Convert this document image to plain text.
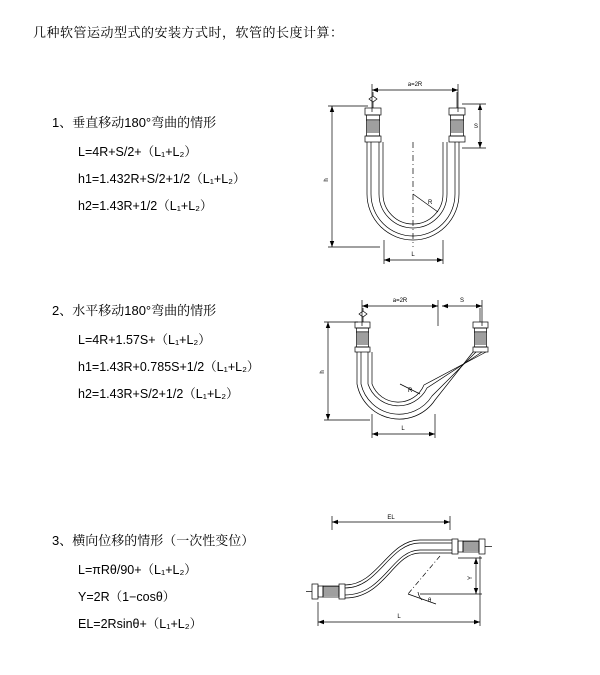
几种软管运动型式的安装方式时，软管的长度计算：
1、垂直移动180°弯曲的情形
L=4R+S/2+（L₁+L₂）
h1=1.432R+S/2+1/2（L₁+L₂）
h2=1.43R+1/2（L₁+L₂）
a=2R
h
S
R
L
2、水平移动180°弯曲的情形
L=4R+1.57S+（L₁+L₂）
h1=1.43R+0.785S+1/2（L₁+L₂）
h2=1.43R+S/2+1/2（L₁+L₂）
a=2R	S
h
R
L
3、横向位移的情形（一次性变位）
L=πRθ/90+（L₁+L₂）
Y=2R（1−cosθ）
EL=2Rsinθ+（L₁+L₂）
EL
Y
θ
L
